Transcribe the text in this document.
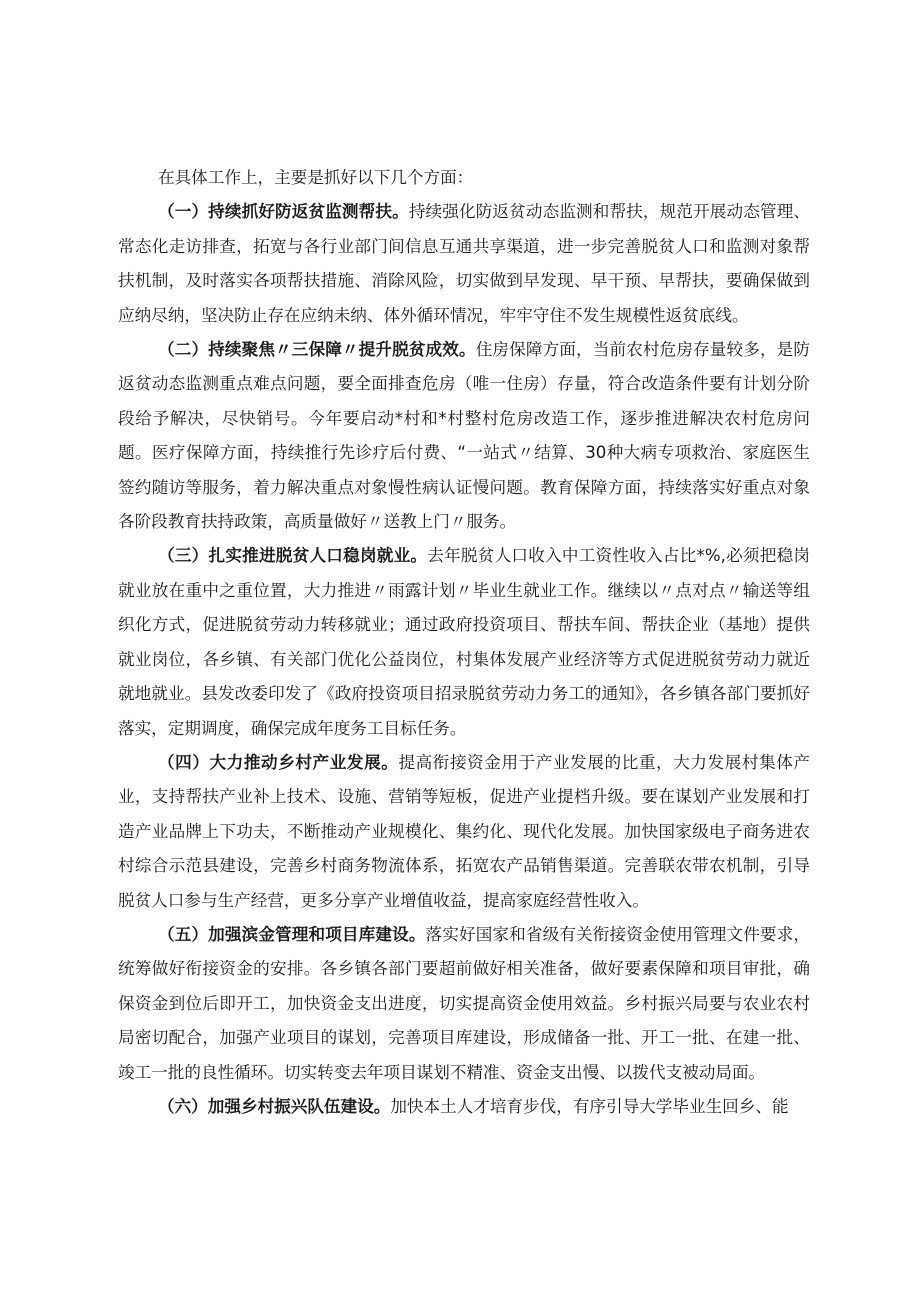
在具体工作上，主要是抓好以下几个方面：

（一）持续抓好防返贫监测帮扶。持续强化防返贫动态监测和帮扶，规范开展动态管理、常态化走访排查，拓宽与各行业部门间信息互通共享渠道，进一步完善脱贫人口和监测对象帮扶机制，及时落实各项帮扶措施、消除风险，切实做到早发现、早干预、早帮扶，要确保做到应纳尽纳，坚决防止存在应纳未纳、体外循环情况，牢牢守住不发生规模性返贫底线。

（二）持续聚焦〃三保障〃提升脱贫成效。住房保障方面，当前农村危房存量较多，是防返贫动态监测重点难点问题，要全面排查危房（唯一住房）存量，符合改造条件要有计划分阶段给予解决，尽快销号。今年要启动*村和*村整村危房改造工作，逐步推进解决农村危房问题。医疗保障方面，持续推行先诊疗后付费、“一站式〃结算、30种大病专项救治、家庭医生签约随访等服务，着力解决重点对象慢性病认证慢问题。教育保障方面，持续落实好重点对象各阶段教育扶持政策，高质量做好〃送教上门〃服务。

（三）扎实推进脱贫人口稳岗就业。去年脱贫人口收入中工资性收入占比*%,必须把稳岗就业放在重中之重位置，大力推进〃雨露计划〃毕业生就业工作。继续以〃点对点〃输送等组织化方式，促进脱贫劳动力转移就业；通过政府投资项目、帮扶车间、帮扶企业（基地）提供就业岗位，各乡镇、有关部门优化公益岗位，村集体发展产业经济等方式促进脱贫劳动力就近就地就业。县发改委印发了《政府投资项目招录脱贫劳动力务工的通知》，各乡镇各部门要抓好落实，定期调度，确保完成年度务工目标任务。

（四）大力推动乡村产业发展。提高衔接资金用于产业发展的比重，大力发展村集体产业，支持帮扶产业补上技术、设施、营销等短板，促进产业提档升级。要在谋划产业发展和打造产业品牌上下功夫，不断推动产业规模化、集约化、现代化发展。加快国家级电子商务进农村综合示范县建设，完善乡村商务物流体系，拓宽农产品销售渠道。完善联农带农机制，引导脱贫人口参与生产经营，更多分享产业增值收益，提高家庭经营性收入。

（五）加强滨金管理和项目库建设。落实好国家和省级有关衔接资金使用管理文件要求，统筹做好衔接资金的安排。各乡镇各部门要超前做好相关准备，做好要素保障和项目审批，确保资金到位后即开工，加快资金支出进度，切实提高资金使用效益。乡村振兴局要与农业农村局密切配合，加强产业项目的谋划，完善项目库建设，形成储备一批、开工一批、在建一批、竣工一批的良性循环。切实转变去年项目谋划不精准、资金支出慢、以拨代支被动局面。

（六）加强乡村振兴队伍建设。加快本土人才培育步伐，有序引导大学毕业生回乡、能
